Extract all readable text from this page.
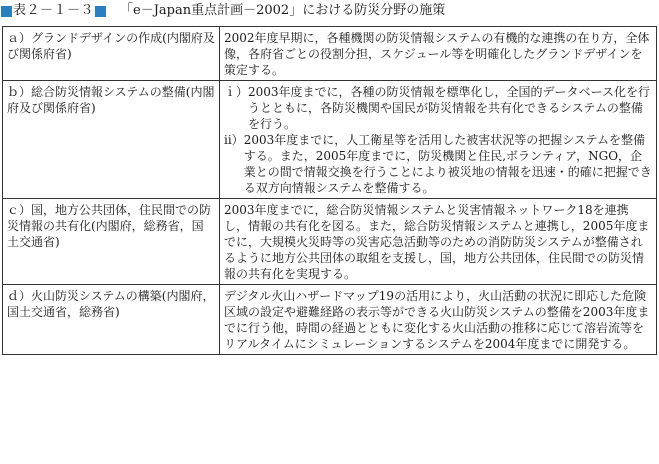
表２－１－３ 「e－Japan重点計画－2002」における防災分野の施策
ａ）グランドデザインの作成(内閣府及び関係府省)	2002年度早期に，各種機関の防災情報システムの有機的な連携の在り方，全体像，各府省ごとの役割分担，スケジュール等を明確化したグランドデザインを策定する。

ｂ）総合防災情報システムの整備(内閣府及び関係府省)	ｉ） 2003年度までに，各種の防災情報を標準化し，全国的データベース化を行うとともに，各防災機関や国民が防災情報を共有化できるシステムの整備を行う。
ii） 2003年度までに，人工衛星等を活用した被害状況等の把握システムを整備する。また，2005年度までに，防災機関と住民,ボランティア，NGO，企業との間で情報交換を行うことにより被災地の情報を迅速・的確に把握できる双方向情報システムを整備する。

ｃ）国，地方公共団体，住民間での防災情報の共有化(内閣府，総務省，国土交通省)	2003年度までに，総合防災情報システムと災害情報ネットワーク18を連携し，情報の共有化を図る。また，総合防災情報システムと連携し，2005年度までに，大規模火災時等の災害応急活動等のための消防防災システムが整備されるように地方公共団体の取組を支援し，国，地方公共団体，住民間での防災情報の共有化を実現する。

ｄ）火山防災システムの構築(内閣府，国土交通省，総務省)	デジタル火山ハザードマップ19の活用により，火山活動の状況に即応した危険区域の設定や避難経路の表示等ができる火山防災システムの整備を2003年度までに行う他，時間の経過とともに変化する火山活動の推移に応じて溶岩流等をリアルタイムにシミュレーションするシステムを2004年度までに開発する。
